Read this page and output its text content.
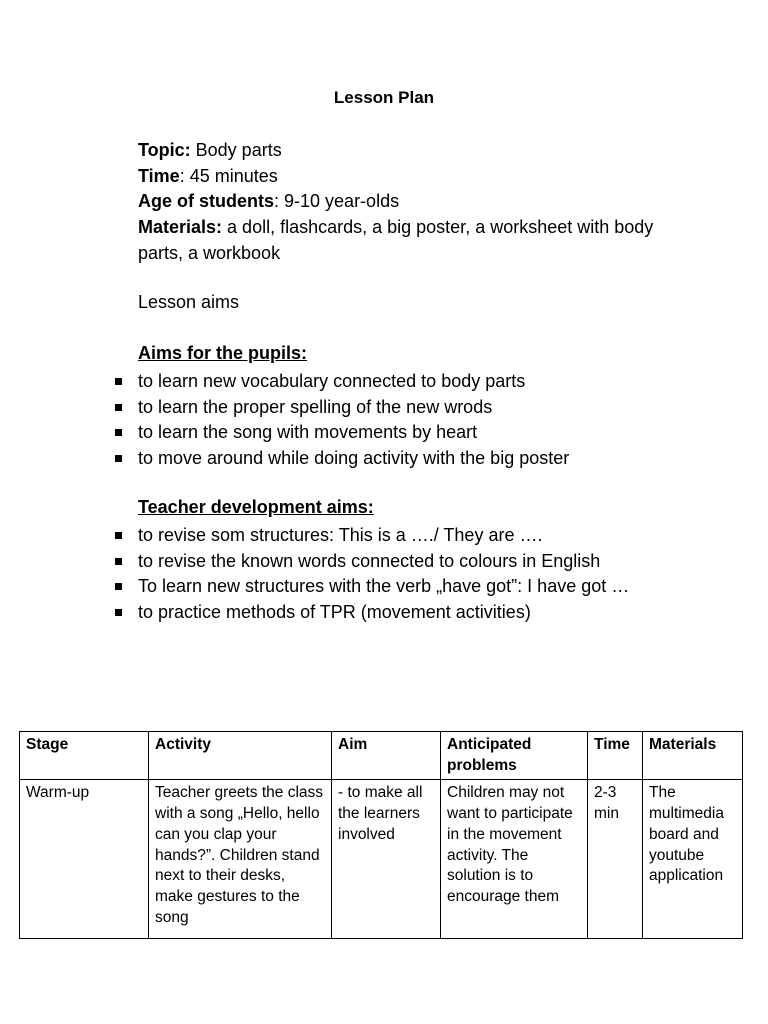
Lesson Plan

Topic: Body parts

Time: 45 minutes

Age of students: 9-10 year-olds

Materials: a doll, flashcards, a big poster, a worksheet with body parts, a workbook

Lesson aims
Aims for the pupils:
to learn new vocabulary connected to body parts
to learn the proper spelling of the new wrods
to learn the song with movements by heart
to move around while doing activity with the big poster
Teacher development aims:
to revise som structures: This is a …./ They are ….
to revise the known words connected to colours in English
To learn new structures with the verb „have got”: I have got …
to practice methods of TPR (movement activities)
Stage	Activity	Aim	Anticipated problems	Time	Materials
Warm-up	Teacher greets the class with a song „Hello, hello can you clap your hands?”. Children stand next to their desks, make gestures to the song	- to make all the learners involved	Children may not want to participate in the movement activity. The solution is to encourage them	2-3 min	The multimedia board and youtube application
